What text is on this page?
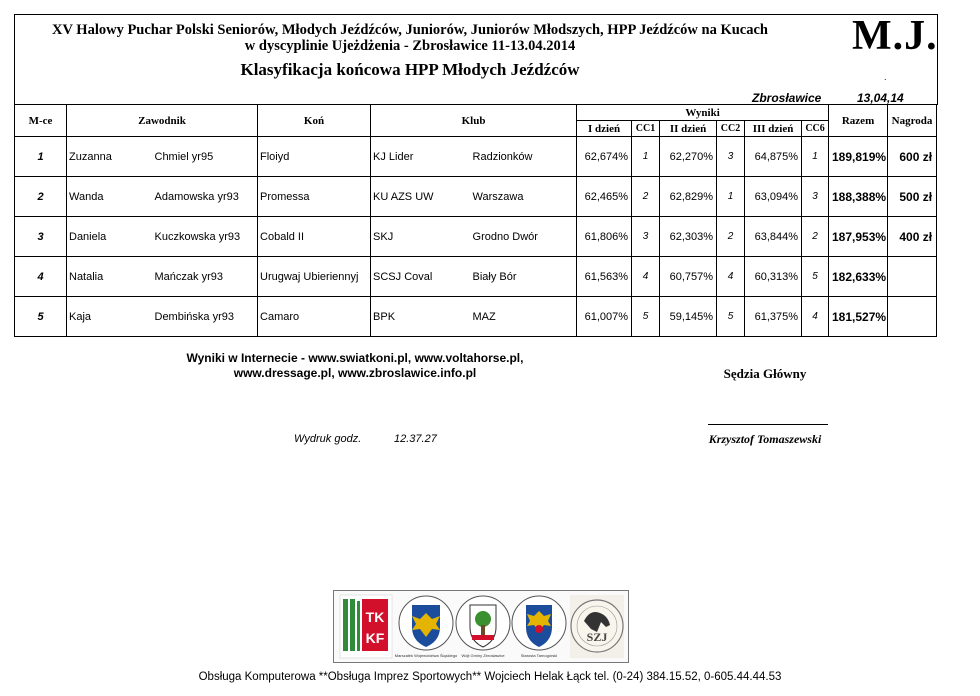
XV Halowy Puchar Polski Seniorów, Młodych Jeźdźców, Juniorów, Juniorów Młodszych, HPP Jeźdźców na Kucach
w dyscyplinie Ujeżdżenia - Zbrosławice 11-13.04.2014
Klasyfikacja końcowa HPP Młodych Jeźdźców
M.J.
.
Zbrosławice	13,04,14
M-ce	Zawodnik		Koń	Klub		Wyniki						Razem	Nagroda
						I dzień	CC1	II dzień	CC2	III dzień	CC6		
1	Zuzanna	Chmiel yr95	Floiyd	KJ Lider	Radzionków	62,674%	1	62,270%	3	64,875%	1	189,819%	600 zł
2	Wanda	Adamowska yr93	Promessa	KU AZS UW	Warszawa	62,465%	2	62,829%	1	63,094%	3	188,388%	500 zł
3	Daniela	Kuczkowska yr93	Cobald II	SKJ	Grodno Dwór	61,806%	3	62,303%	2	63,844%	2	187,953%	400 zł
4	Natalia	Mańczak yr93	Urugwaj Ubieriennyj	SCSJ Coval	Biały Bór	61,563%	4	60,757%	4	60,313%	5	182,633%	
5	Kaja	Dembińska yr93	Camaro	BPK	MAZ	61,007%	5	59,145%	5	61,375%	4	181,527%	
Wyniki w Internecie - www.swiatkoni.pl, www.voltahorse.pl,
www.dressage.pl, www.zbroslawice.info.pl	Sędzia Główny
Krzysztof Tomaszewski
Wydruk godz.	12.37.27
TK
KF
Marszałek Województwa Śląskiego Wójt Gminy Zbrosławice	Starosta Tarnogórski
SZJ
Obsługa Komputerowa **Obsługa Imprez Sportowych** Wojciech Helak Łąck tel. (0-24) 384.15.52, 0-605.44.44.53
